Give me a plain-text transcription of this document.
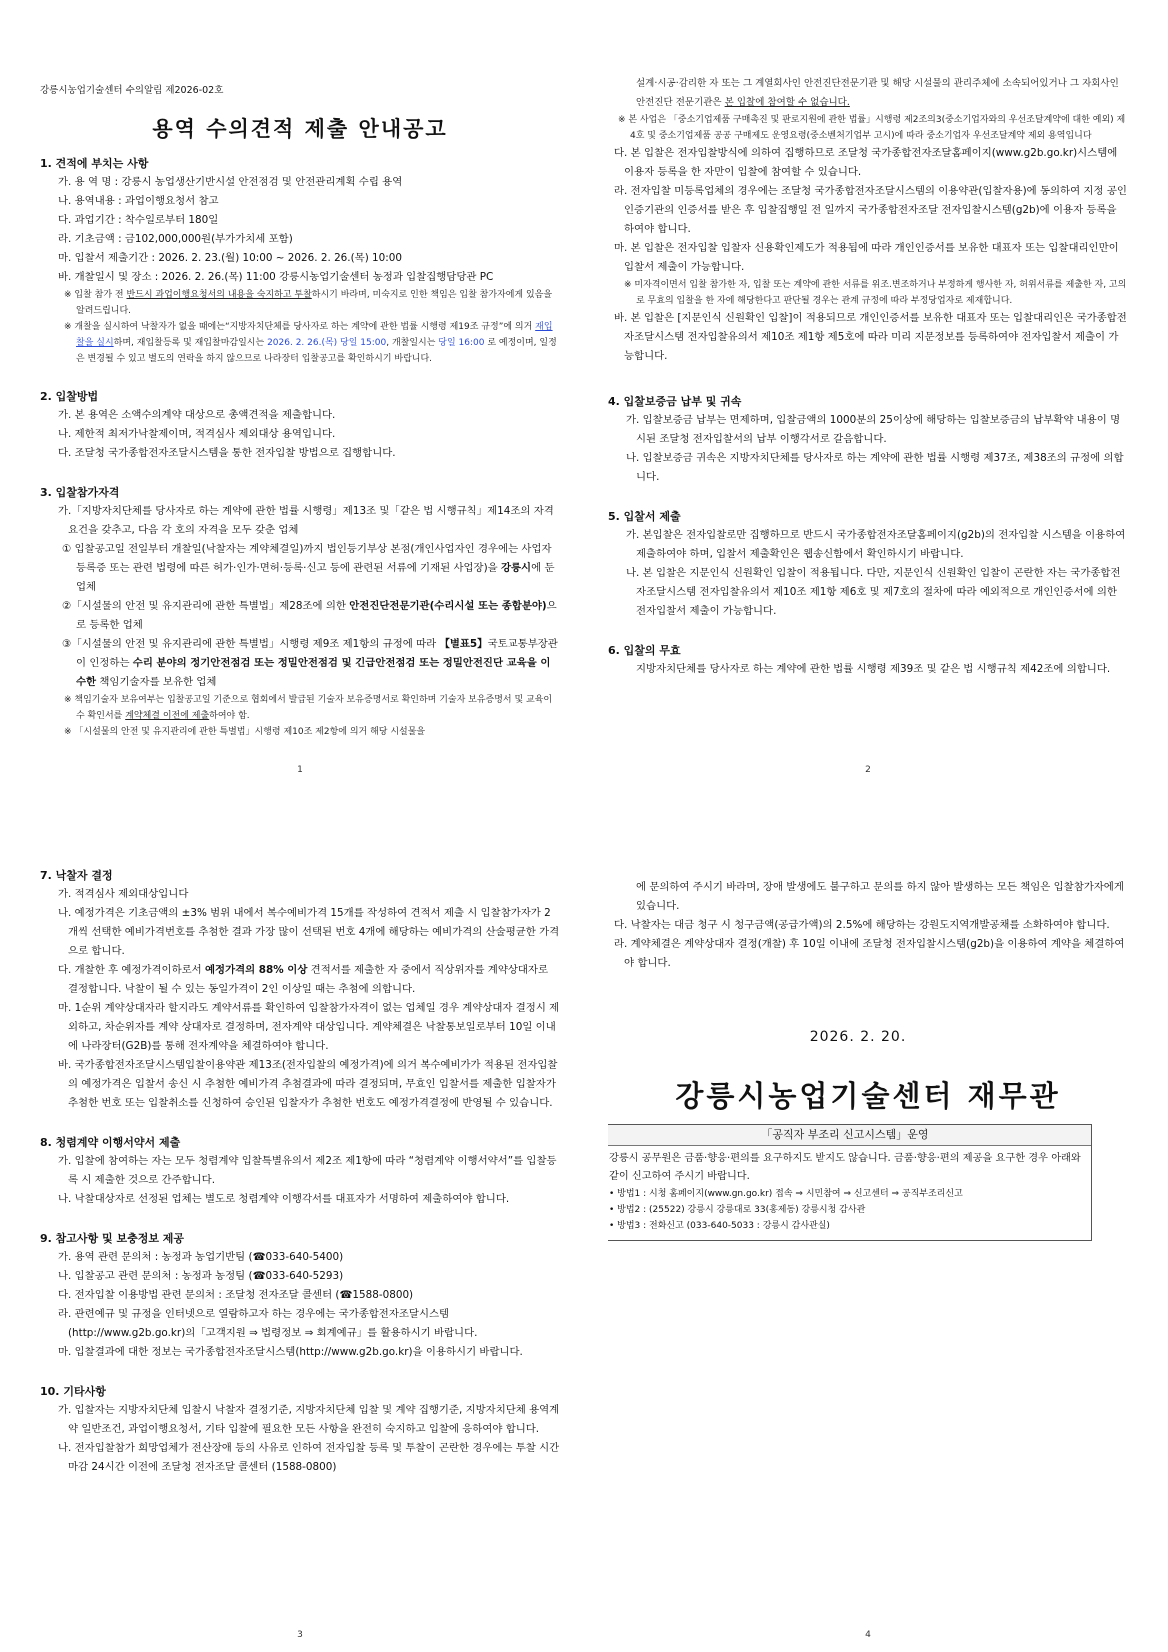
강릉시농업기술센터 수의알림 제2026-02호
용역 수의견적 제출 안내공고
1. 견적에 부치는 사항
가. 용 역 명 : 강릉시 농업생산기반시설 안전점검 및 안전관리계획 수립 용역
나. 용역내용 : 과업이행요청서 참고
다. 과업기간 : 착수일로부터 180일
라. 기초금액 : 금102,000,000원(부가가치세 포함)
마. 입찰서 제출기간 : 2026. 2. 23.(월) 10:00 ~ 2026. 2. 26.(목) 10:00
바. 개찰일시 및 장소 : 2026. 2. 26.(목) 11:00 강릉시농업기술센터 농정과 입찰집행담당관 PC
※ 입찰 참가 전 반드시 과업이행요청서의 내용을 숙지하고 투찰하시기 바라며, 미숙지로 인한 책임은 입찰 참가자에게 있음을 알려드립니다.
※ 개찰을 실시하여 낙찰자가 없을 때에는“지방자치단체를 당사자로 하는 계약에 관한 법률 시행령 제19조 규정”에 의거 재입찰을 실시하며, 재입찰등록 및 재입찰마감일시는 2026. 2. 26.(목) 당일 15:00, 개찰일시는 당일 16:00 로 예정이며, 일정은 변경될 수 있고 별도의 연락을 하지 않으므로 나라장터 입찰공고를 확인하시기 바랍니다.
2. 입찰방법
가. 본 용역은 소액수의계약 대상으로 총액견적을 제출합니다.
나. 제한적 최저가낙찰제이며, 적격심사 제외대상 용역입니다.
다. 조달청 국가종합전자조달시스템을 통한 전자입찰 방법으로 집행합니다.
3. 입찰참가자격
가.「지방자치단체를 당사자로 하는 계약에 관한 법률 시행령」제13조 및「같은 법 시행규칙」제14조의 자격요건을 갖추고, 다음 각 호의 자격을 모두 갖춘 업체
① 입찰공고일 전일부터 개찰일(낙찰자는 계약체결일)까지 법인등기부상 본점(개인사업자인 경우에는 사업자등록증 또는 관련 법령에 따른 허가·인가·면허·등록·신고 등에 관련된 서류에 기재된 사업장)을 강릉시에 둔 업체
②「시설물의 안전 및 유지관리에 관한 특별법」제28조에 의한 안전진단전문기관(수리시설 또는 종합분야)으로 등록한 업체
③「시설물의 안전 및 유지관리에 관한 특별법」시행령 제9조 제1항의 규정에 따라 【별표5】국토교통부장관이 인정하는 수리 분야의 정기안전점검 또는 정밀안전점검 및 긴급안전점검 또는 정밀안전진단 교육을 이수한 책임기술자를 보유한 업체
※ 책임기술자 보유여부는 입찰공고일 기준으로 협회에서 발급된 기술자 보유증명서로 확인하며 기술자 보유증명서 및 교육이수 확인서를 계약체결 이전에 제출하여야 함.
※ 「시설물의 안전 및 유지관리에 관한 특별법」시행령 제10조 제2항에 의거 해당 시설물을
1
설계·시공·감리한 자 또는 그 계열회사인 안전진단전문기관 및 해당 시설물의 관리주체에 소속되어있거나 그 자회사인 안전진단 전문기관은 본 입찰에 참여할 수 없습니다.
※ 본 사업은 「중소기업제품 구매촉진 및 판로지원에 관한 법률」시행령 제2조의3(중소기업자와의 우선조달계약에 대한 예외) 제4호 및 중소기업제품 공공 구매제도 운영요령(중소벤처기업부 고시)에 따라 중소기업자 우선조달계약 제외 용역입니다
다. 본 입찰은 전자입찰방식에 의하여 집행하므로 조달청 국가종합전자조달홈페이지(www.g2b.go.kr)시스템에 이용자 등록을 한 자만이 입찰에 참여할 수 있습니다.
라. 전자입찰 미등록업체의 경우에는 조달청 국가종합전자조달시스템의 이용약관(입찰자용)에 동의하여 지정 공인인증기관의 인증서를 받은 후 입찰집행일 전 일까지 국가종합전자조달 전자입찰시스템(g2b)에 이용자 등록을 하여야 합니다.
마. 본 입찰은 전자입찰 입찰자 신용확인제도가 적용됨에 따라 개인인증서를 보유한 대표자 또는 입찰대리인만이 입찰서 제출이 가능합니다.
※ 미자격이면서 입찰 참가한 자, 입찰 또는 계약에 관한 서류를 위조.변조하거나 부정하게 행사한 자, 허위서류를 제출한 자, 고의로 무효의 입찰을 한 자에 해당한다고 판단될 경우는 관계 규정에 따라 부정당업자로 제재합니다.
바. 본 입찰은 [지문인식 신원확인 입찰]이 적용되므로 개인인증서를 보유한 대표자 또는 입찰대리인은 국가종합전자조달시스템 전자입찰유의서 제10조 제1항 제5호에 따라 미리 지문정보를 등록하여야 전자입찰서 제출이 가능합니다.
4. 입찰보증금 납부 및 귀속
가. 입찰보증금 납부는 면제하며, 입찰금액의 1000분의 25이상에 해당하는 입찰보증금의 납부확약 내용이 명시된 조달청 전자입찰서의 납부 이행각서로 갈음합니다.
나. 입찰보증금 귀속은 지방자치단체를 당사자로 하는 계약에 관한 법률 시행령 제37조, 제38조의 규정에 의합니다.
5. 입찰서 제출
가. 본입찰은 전자입찰로만 집행하므로 반드시 국가종합전자조달홈페이지(g2b)의 전자입찰 시스템을 이용하여 제출하여야 하며, 입찰서 제출확인은 웹송신함에서 확인하시기 바랍니다.
나. 본 입찰은 지문인식 신원확인 입찰이 적용됩니다. 다만, 지문인식 신원확인 입찰이 곤란한 자는 국가종합전자조달시스템 전자입찰유의서 제10조 제1항 제6호 및 제7호의 절차에 따라 예외적으로 개인인증서에 의한 전자입찰서 제출이 가능합니다.
6. 입찰의 무효
지방자치단체를 당사자로 하는 계약에 관한 법률 시행령 제39조 및 같은 법 시행규칙 제42조에 의합니다.
2
7. 낙찰자 결정
가. 적격심사 제외대상입니다
나. 예정가격은 기초금액의 ±3% 범위 내에서 복수예비가격 15개를 작성하여 견적서 제출 시 입찰참가자가 2개씩 선택한 예비가격번호를 추첨한 결과 가장 많이 선택된 번호 4개에 해당하는 예비가격의 산술평균한 가격으로 합니다.
다. 개찰한 후 예정가격이하로서 예정가격의 88% 이상 견적서를 제출한 자 중에서 직상위자를 계약상대자로 결정합니다. 낙찰이 될 수 있는 동일가격이 2인 이상일 때는 추첨에 의합니다.
마. 1순위 계약상대자라 할지라도 계약서류를 확인하여 입찰참가자격이 없는 업체일 경우 계약상대자 결정시 제외하고, 차순위자를 계약 상대자로 결정하며, 전자계약 대상입니다. 계약체결은 낙찰통보일로부터 10일 이내에 나라장터(G2B)를 통해 전자계약을 체결하여야 합니다.
바. 국가종합전자조달시스템입찰이용약관 제13조(전자입찰의 예정가격)에 의거 복수예비가가 적용된 전자입찰의 예정가격은 입찰서 송신 시 추첨한 예비가격 추첨결과에 따라 결정되며, 무효인 입찰서를 제출한 입찰자가 추첨한 번호 또는 입찰취소를 신청하여 승인된 입찰자가 추첨한 번호도 예정가격결정에 반영될 수 있습니다.
8. 청렴계약 이행서약서 제출
가. 입찰에 참여하는 자는 모두 청렴계약 입찰특별유의서 제2조 제1항에 따라 “청렴계약 이행서약서”를 입찰등록 시 제출한 것으로 간주합니다.
나. 낙찰대상자로 선정된 업체는 별도로 청렴계약 이행각서를 대표자가 서명하여 제출하여야 합니다.
9. 참고사항 및 보충정보 제공
가. 용역 관련 문의처 : 농정과 농업기반팀 (☎033-640-5400)
나. 입찰공고 관련 문의처 : 농정과 농정팀 (☎033-640-5293)
다. 전자입찰 이용방법 관련 문의처 : 조달청 전자조달 콜센터 (☎1588-0800)
라. 관련예규 및 규정을 인터넷으로 열람하고자 하는 경우에는 국가종합전자조달시스템(http://www.g2b.go.kr)의「고객지원 ⇒ 법령정보 ⇒ 회계예규」를 활용하시기 바랍니다.
마. 입찰결과에 대한 정보는 국가종합전자조달시스템(http://www.g2b.go.kr)을 이용하시기 바랍니다.
10. 기타사항
가. 입찰자는 지방자치단체 입찰시 낙찰자 결정기준, 지방자치단체 입찰 및 계약 집행기준, 지방자치단체 용역계약 일반조건, 과업이행요청서, 기타 입찰에 필요한 모든 사항을 완전히 숙지하고 입찰에 응하여야 합니다.
나. 전자입찰참가 희망업체가 전산장애 등의 사유로 인하여 전자입찰 등록 및 투찰이 곤란한 경우에는 투찰 시간 마감 24시간 이전에 조달청 전자조달 콜센터 (1588-0800)
3
에 문의하여 주시기 바라며, 장애 발생에도 불구하고 문의를 하지 않아 발생하는 모든 책임은 입찰참가자에게 있습니다.
다. 낙찰자는 대금 청구 시 청구금액(공급가액)의 2.5%에 해당하는 강원도지역개발공채를 소화하여야 합니다.
라. 계약체결은 계약상대자 결정(개찰) 후 10일 이내에 조달청 전자입찰시스템(g2b)을 이용하여 계약을 체결하여야 합니다.
2026. 2. 20.
강릉시농업기술센터 재무관
「공직자 부조리 신고시스템」운영
강릉시 공무원은 금품·향응·편의를 요구하지도 받지도 않습니다. 금품·향응·편의 제공을 요구한 경우 아래와 같이 신고하여 주시기 바랍니다.
• 방법1 : 시청 홈페이지(www.gn.go.kr) 접속 ⇒ 시민참여 ⇒ 신고센터 ⇒ 공직부조리신고
• 방법2 : (25522) 강릉시 강릉대로 33(홍제동) 강릉시청 감사관
• 방법3 : 전화신고 (033-640-5033 : 강릉시 감사관실)
4
